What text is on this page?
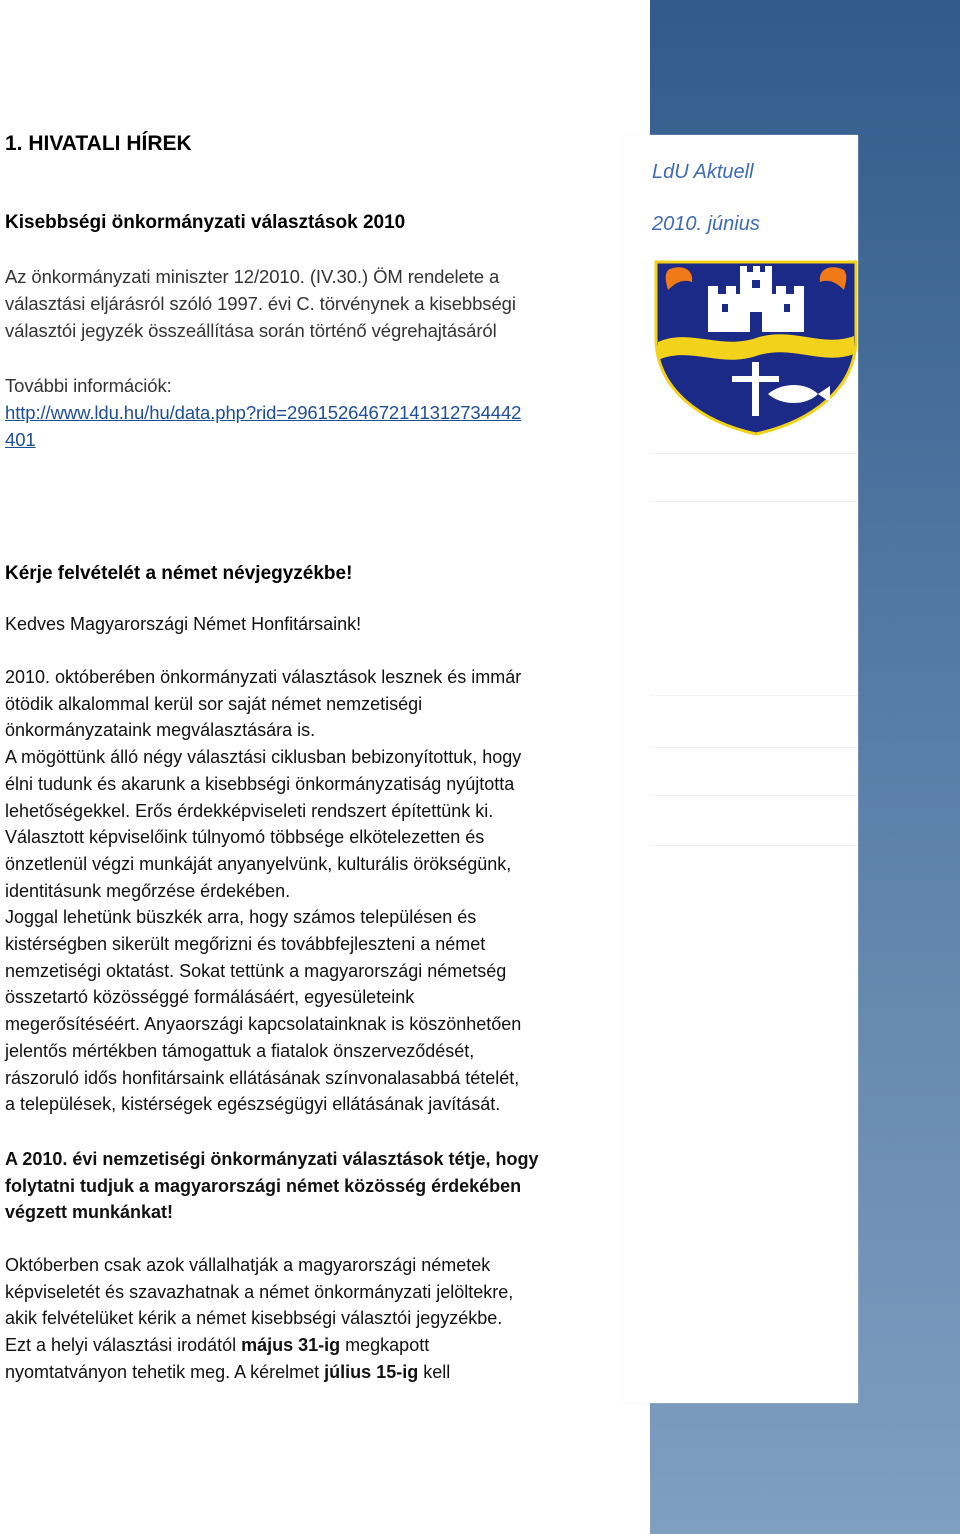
LdU Aktuell
2010. június
1. HIVATALI HÍREK
Kisebbségi önkormányzati választások 2010
Az önkormányzati miniszter 12/2010. (IV.30.) ÖM rendelete a
választási eljárásról szóló 1997. évi C. törvénynek a kisebbségi
választói jegyzék összeállítása során történő végrehajtásáról
További információk:
http://www.ldu.hu/hu/data.php?rid=29615264672141312734442
401
Kérje felvételét a német névjegyzékbe!
Kedves Magyarországi Német Honfitársaink!
2010. októberében önkormányzati választások lesznek és immár
ötödik alkalommal kerül sor saját német nemzetiségi
önkormányzataink megválasztására is.
A mögöttünk álló négy választási ciklusban bebizonyítottuk, hogy
élni tudunk és akarunk a kisebbségi önkormányzatiság nyújtotta
lehetőségekkel. Erős érdekképviseleti rendszert építettünk ki.
Választott képviselőink túlnyomó többsége elkötelezetten és
önzetlenül végzi munkáját anyanyelvünk, kulturális örökségünk,
identitásunk megőrzése érdekében.
Joggal lehetünk büszkék arra, hogy számos településen és
kistérségben sikerült megőrizni és továbbfejleszteni a német
nemzetiségi oktatást. Sokat tettünk a magyarországi németség
összetartó közösséggé formálásáért, egyesületeink
megerősítéséért. Anyaországi kapcsolatainknak is köszönhetően
jelentős mértékben támogattuk a fiatalok önszerveződését,
rászoruló idős honfitársaink ellátásának színvonalasabbá tételét,
a települések, kistérségek egészségügyi ellátásának javítását.
A 2010. évi nemzetiségi önkormányzati választások tétje, hogy
folytatni tudjuk a magyarországi német közösség érdekében
végzett munkánkat!
Októberben csak azok vállalhatják a magyarországi németek
képviseletét és szavazhatnak a német önkormányzati jelöltekre,
akik felvételüket kérik a német kisebbségi választói jegyzékbe.
Ezt a helyi választási irodától május 31-ig megkapott
nyomtatványon tehetik meg. A kérelmet július 15-ig kell
